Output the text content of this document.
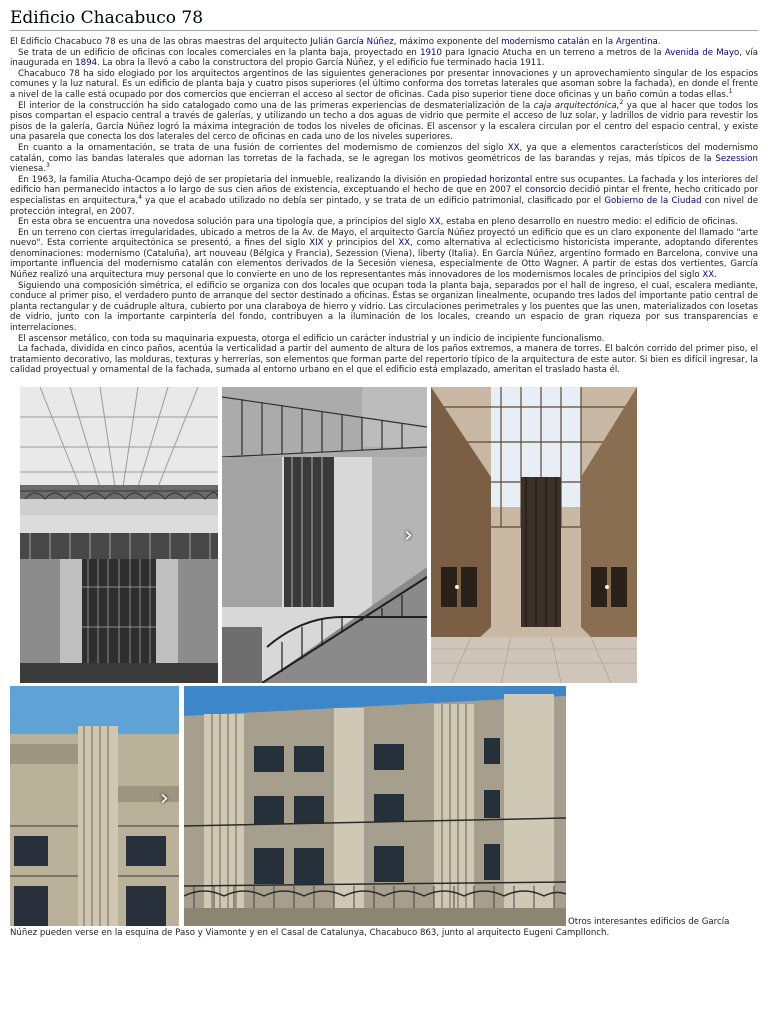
Edificio Chacabuco 78

El Edificio Chacabuco 78 es una de las obras maestras del arquitecto Julián García Núñez, máximo exponente del modernismo catalán en la Argentina.

Se trata de un edificio de oficinas con locales comerciales en la planta baja, proyectado en 1910 para Ignacio Atucha en un terreno a metros de la Avenida de Mayo, vía inaugurada en 1894. La obra la llevó a cabo la constructora del propio García Núñez, y el edificio fue terminado hacia 1911.

Chacabuco 78 ha sido elogiado por los arquitectos argentinos de las siguientes generaciones por presentar innovaciones y un aprovechamiento singular de los espacios comunes y la luz natural. Es un edificio de planta baja y cuatro pisos superiores (el último conforma dos torretas laterales que asoman sobre la fachada), en donde el frente a nivel de la calle está ocupado por dos comercios que encierran el acceso al sector de oficinas. Cada piso superior tiene doce oficinas y un baño común a todas ellas.$^1$

El interior de la construcción ha sido catalogado como una de las primeras experiencias de desmaterialización de la caja arquitectónica,$^2$ ya que al hacer que todos los pisos compartan el espacio central a través de galerías, y utilizando un techo a dos aguas de vidrio que permite el acceso de luz solar, y ladrillos de vidrio para revestir los pisos de la galería, García Núñez logró la máxima integración de todos los niveles de oficinas. El ascensor y la escalera circulan por el centro del espacio central, y existe una pasarela que conecta los dos laterales del cerco de oficinas en cada uno de los niveles superiores.

En cuanto a la ornamentación, se trata de una fusión de corrientes del modernismo de comienzos del siglo XX, ya que a elementos característicos del modernismo catalán, como las bandas laterales que adornan las torretas de la fachada, se le agregan los motivos geométricos de las barandas y rejas, más típicos de la Sezession vienesa.$^3$

En 1963, la familia Atucha-Ocampo dejó de ser propietaria del inmueble, realizando la división en propiedad horizontal entre sus ocupantes. La fachada y los interiores del edificio han permanecido intactos a lo largo de sus cien años de existencia, exceptuando el hecho de que en 2007 el consorcio decidió pintar el frente, hecho criticado por especialistas en arquitectura,$^4$ ya que el acabado utilizado no debía ser pintado, y se trata de un edificio patrimonial, clasificado por el Gobierno de la Ciudad con nivel de protección integral, en 2007.

En esta obra se encuentra una novedosa solución para una tipología que, a principios del siglo XX, estaba en pleno desarrollo en nuestro medio: el edificio de oficinas.

En un terreno con ciertas irregularidades, ubicado a metros de la Av. de Mayo, el arquitecto García Núñez proyectó un edificio que es un claro exponente del llamado "arte nuevo". Esta corriente arquitectónica se presentó, a fines del siglo XIX y principios del XX, como alternativa al eclecticismo historicista imperante, adoptando diferentes denominaciones: modernismo (Cataluña), art nouveau (Bélgica y Francia), Sezession (Viena), liberty (Italia). En García Núñez, argentino formado en Barcelona, convive una importante influencia del modernismo catalán con elementos derivados de la Secesión vienesa, especialmente de Otto Wagner. A partir de estas dos vertientes, García Núñez realizó una arquitectura muy personal que lo convierte en uno de los representantes más innovadores de los modernismos locales de principios del siglo XX.

Siguiendo una composición simétrica, el edificio se organiza con dos locales que ocupan toda la planta baja, separados por el hall de ingreso, el cual, escalera mediante, conduce al primer piso, el verdadero punto de arranque del sector destinado a oficinas. Éstas se organizan linealmente, ocupando tres lados del importante patio central de planta rectangular y de cuádruple altura, cubierto por una claraboya de hierro y vidrio. Las circulaciones perimetrales y los puentes que las unen, materializados con losetas de vidrio, junto con la importante carpintería del fondo, contribuyen a la iluminación de los locales, creando un espacio de gran riqueza por sus transparencias e interrelaciones.

El ascensor metálico, con toda su maquinaria expuesta, otorga el edificio un carácter industrial y un indicio de incipiente funcionalismo.

La fachada, dividida en cinco paños, acentúa la verticalidad a partir del aumento de altura de los paños extremos, a manera de torres. El balcón corrido del primer piso, el tratamiento decorativo, las molduras, texturas y herrerías, son elementos que forman parte del repertorio típico de la arquitectura de este autor. Si bien es difícil ingresar, la calidad proyectual y ornamental de la fachada, sumada al entorno urbano en el que el edificio está emplazado, ameritan el traslado hasta él.

›
›
Otros interesantes edificios de García
Núñez pueden verse en la esquina de Paso y Viamonte y en el Casal de Catalunya, Chacabuco 863, junto al arquitecto Eugeni Campllonch.
